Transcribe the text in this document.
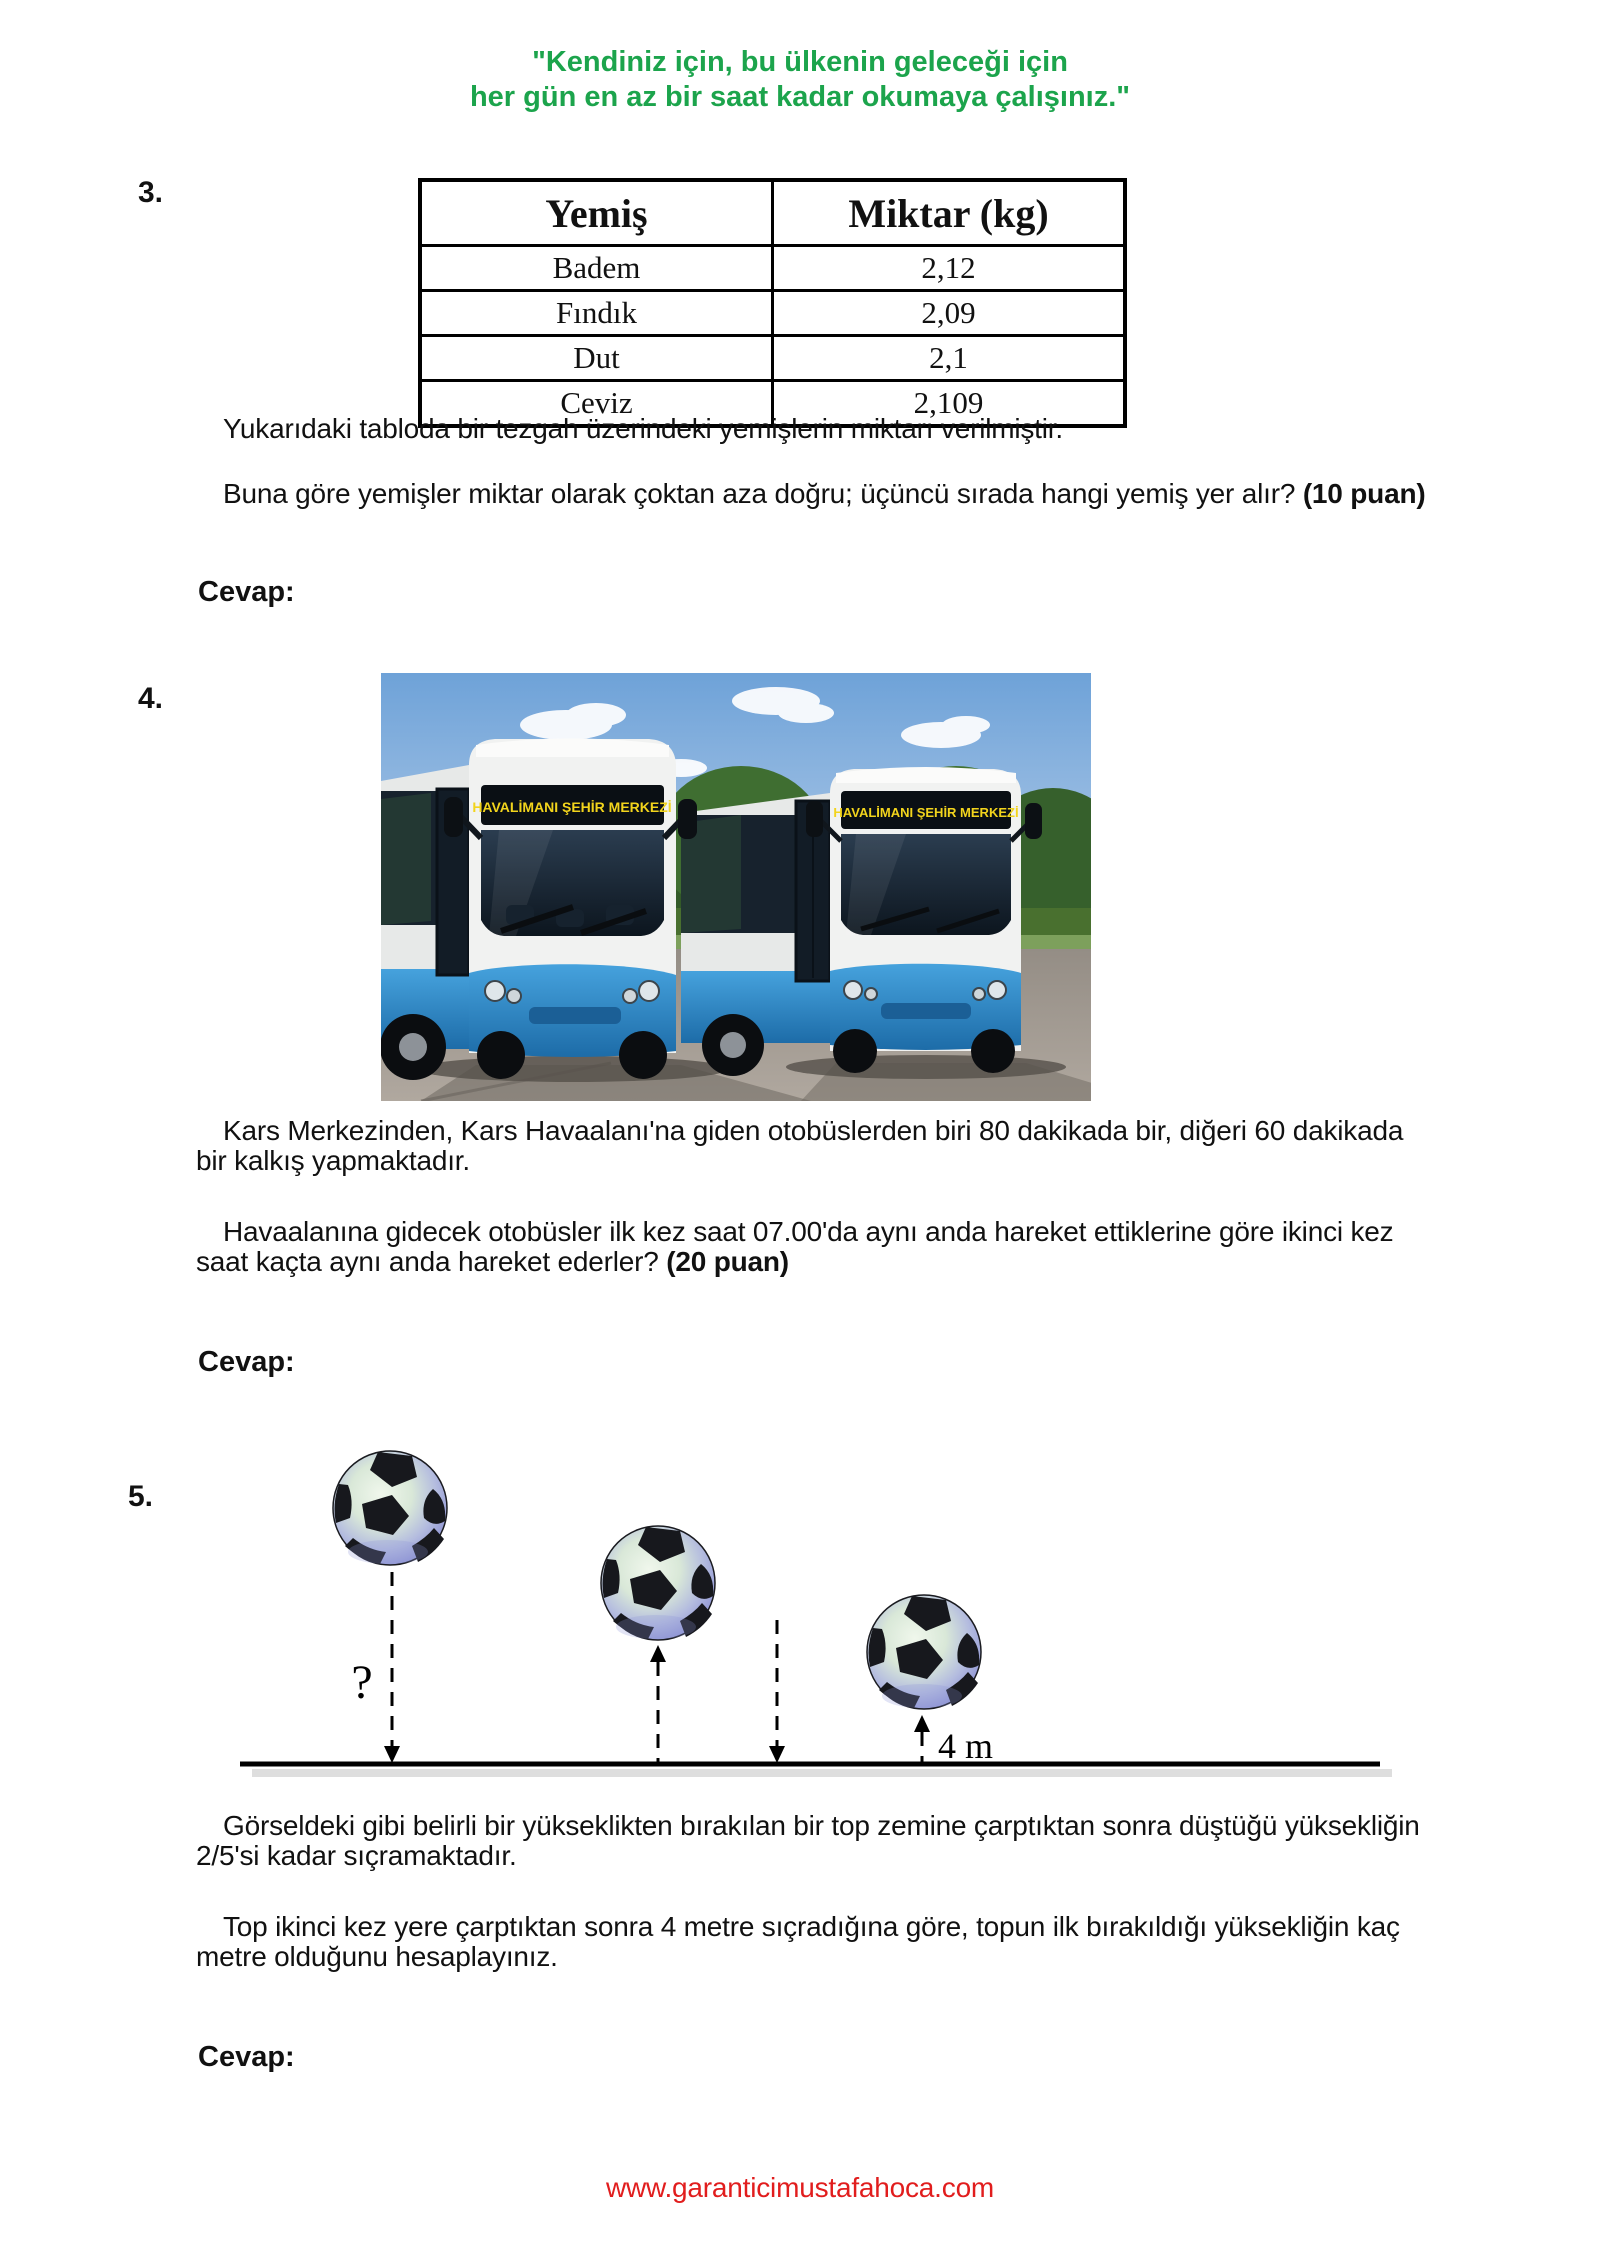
"Kendiniz için, bu ülkenin geleceği için
her gün en az bir saat kadar okumaya çalışınız."
3.	Yemiş	Miktar (kg)
Badem	2,12
Fındık	2,09
Dut	2,1
Ceviz	2,109
Yukarıdaki tabloda bir tezgah üzerindeki yemişlerin miktarı verilmiştir.
Buna göre yemişler miktar olarak çoktan aza doğru; üçüncü sırada hangi yemiş yer alır? (10 puan)
Cevap:
4.
HAVALİMANI ŞEHİR MERKEZİ
HAVALİMANI ŞEHİR MERKEZİ
Kars Merkezinden, Kars Havaalanı'na giden otobüslerden biri 80 dakikada bir, diğeri 60 dakikada
bir kalkış yapmaktadır.
Havaalanına gidecek otobüsler ilk kez saat 07.00'da aynı anda hareket ettiklerine göre ikinci kez
saat kaçta aynı anda hareket ederler? (20 puan)
Cevap:
5.
?
4 m
Görseldeki gibi belirli bir yükseklikten bırakılan bir top zemine çarptıktan sonra düştüğü yüksekliğin
2/5'si kadar sıçramaktadır.
Top ikinci kez yere çarptıktan sonra 4 metre sıçradığına göre, topun ilk bırakıldığı yüksekliğin kaç
metre olduğunu hesaplayınız.
Cevap:
www.garanticimustafahoca.com
